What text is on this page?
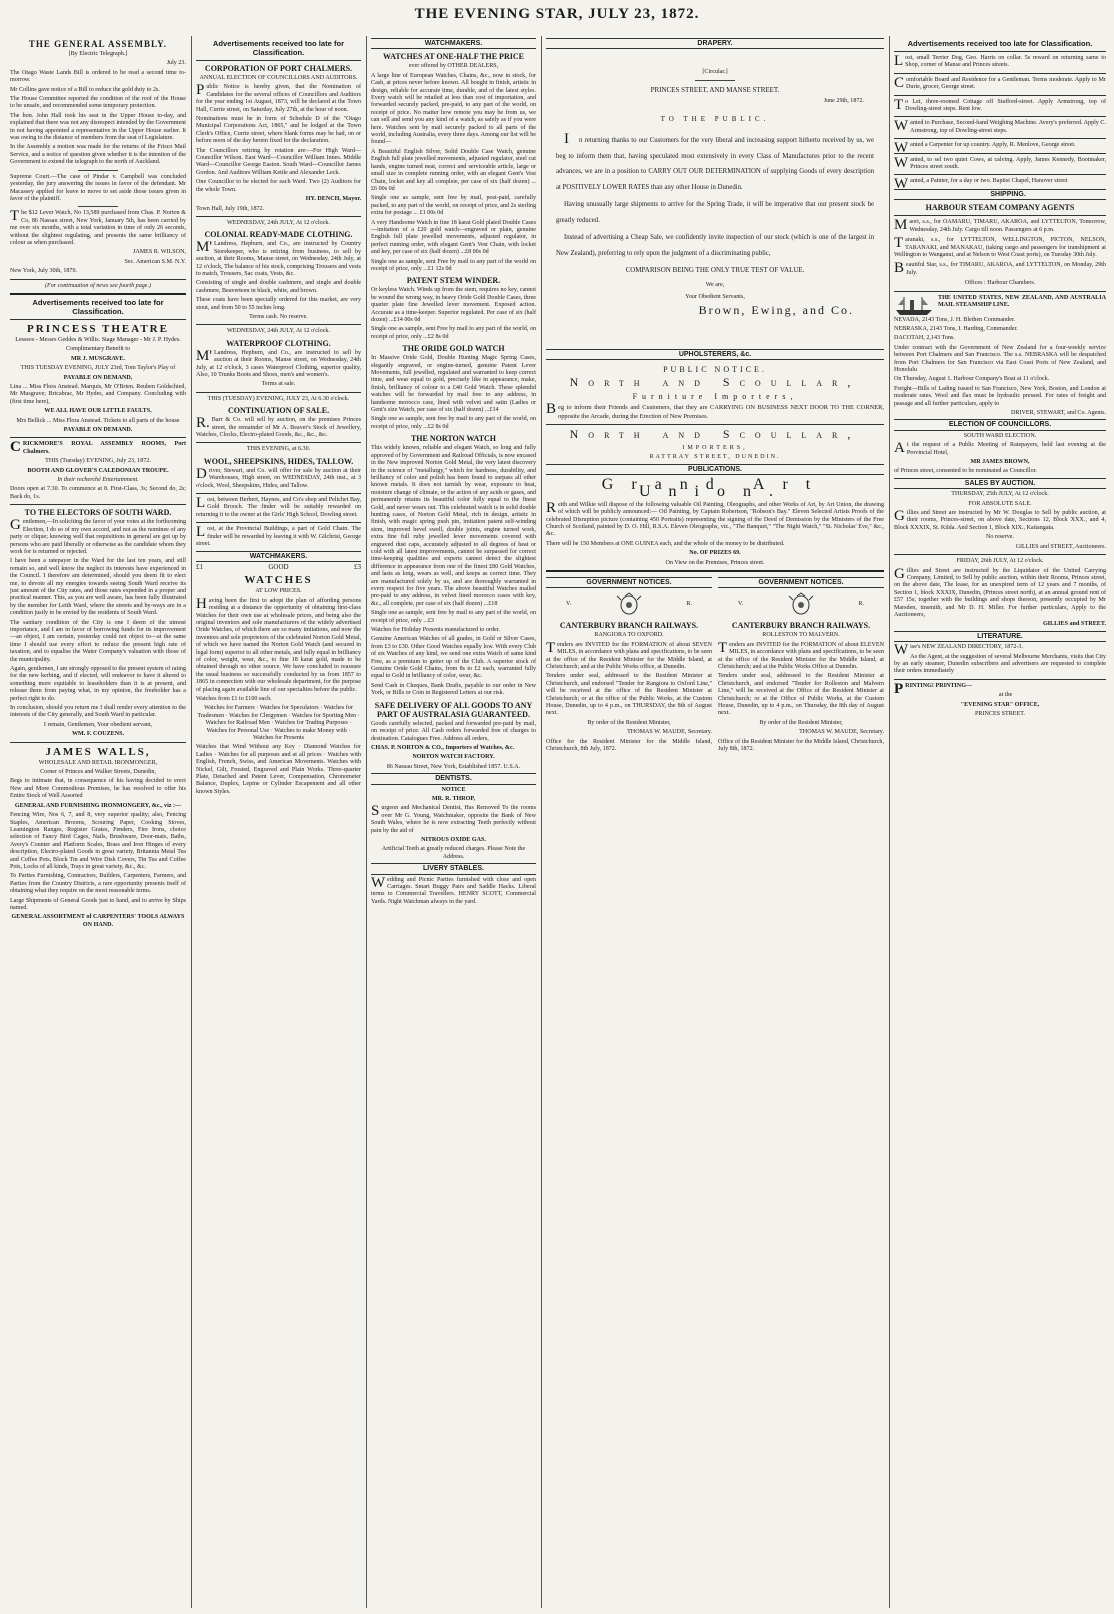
THE EVENING STAR, JULY 23, 1872.
THE GENERAL ASSEMBLY.

[By Electric Telegraph.]

July 23.

The Otago Waste Lands Bill is ordered to be read a second time to-morrow.

Mr Collins gave notice of a Bill to reduce the gold duty to 2s.

The House Committee reported the condition of the roof of the House to be unsafe, and recommended some temporary protection.

The hon. John Hall took his seat in the Upper House to-day, and explained that there was not any disrespect intended by the Government in not having appointed a representative in the Upper House earlier. It was owing to the distance of members from the seat of Legislature.

In the Assembly a motion was made for the returns of the Frisco Mail Service, and a notice of question given whether it is the intention of the Government to extend the telegraph to the north of Auckland.

Supreme Court.—The case of Pindar v. Campbell was concluded yesterday, the jury answering the issues in favor of the defendant. Mr Macassey applied for leave to move to set aside those issues given in favor of the plaintiff.

The $12 Lever Watch, No 13,589 purchased from Chas. P. Norton & Co, 86 Nassau street, New York, January 5th, has been carried by me over six months, with a total variation in time of only 26 seconds, without the slightest regulating, and presents the same brilliancy of colour as when purchased.

JAMES R. WILSON,

Sec. American S.M. N.Y.

New York, July 30th, 1870.

(For continuation of news see fourth page.)

Advertisements received too late for Classification.
PRINCESS THEATRE

Lessees - Messrs Geddes & Willis. Stage Manager - Mr J. P. Hydes.

Complimentary Benefit to

MR J. MUSGRAVE.

THIS TUESDAY EVENING, JULY 23rd, Tom Taylor's Play of

PAYABLE ON DEMAND,

Lina ... Miss Flora Anstead. Marquis, Mr O'Brien. Reuben Goldschied, Mr Musgrave; Bricabrac, Mr Hydes, and Company. Concluding with (first time here),

WE ALL HAVE OUR LITTLE FAULTS.

Mrs Bellick ... Miss Flora Anstead. Tickets to all parts of the house

PAYABLE ON DEMAND.

CRICKMORE'S ROYAL ASSEMBLY ROOMS, Port Chalmers.

THIS (Tuesday) EVENING, July 23, 1872.

BOOTH AND GLOVER'S CALEDONIAN TROUPE.

In their recherché Entertainment.

Doors open at 7.30. To commence at 8. First-Class, 3s; Second do, 2s; Back do, 1s.

TO THE ELECTORS OF SOUTH WARD.

Gentlemen,—In soliciting the favor of your votes at the forthcoming Election, I do so of my own accord, and not as the nominee of any party or clique; knowing well that requisitions in general are got up by persons who are paid liberally or otherwise as the candidate whom they work for is returned or rejected.

I have been a ratepayer in the Ward for the last ten years, and still remain so, and well know the neglect its interests have experienced in the Council. I therefore am determined, should you deem fit to elect me, to devote all my energies towards seeing South Ward receive its just amount of the City rates, and those rates expended in a proper and practical manner. This, as you are well aware, has been fully illustrated by the member for Leith Ward, where the streets and by-ways are in a condition justly to be envied by the residents of South Ward.

The sanitary condition of the City is one I deem of the utmost importance, and I am in favor of borrowing funds for its improvement—an object, I am certain, yesterday could not object to—at the same time I should use every effort to reduce the present high rate of taxation, and to equalise the Water Company's valuation with those of the municipality.

Again, gentlemen, I am strongly opposed to the present system of rating for the new kerbing, and if elected, will endeavor to have it altered to something more equitable to leaseholders than it is at present, and release them from paying what, in my opinion, the freeholder has a perfect right to do.

In conclusion, should you return me I shall render every attention to the interests of the City generally, and South Ward in particular.

I remain, Gentlemen, Your obedient servant,

WM. F. COUZENS.

JAMES WALLS,

WHOLESALE AND RETAIL IRONMONGER,

Corner of Princes and Walker Streets, Dunedin,

Begs to intimate that, in consequence of his having decided to erect New and More Commodious Premises, he has resolved to offer his Entire Stock of Well Assorted

GENERAL AND FURNISHING IRONMONGERY, &c., viz :—

Fencing Wire, Nos 6, 7, and 8, very superior quality; also, Fencing Staples, American Brooms, Scouring Paper, Cooking Stoves, Leamington Ranges, Register Grates, Fenders, Fire Irons, choice selection of Fancy Bird Cages, Nails, Brushware, Door-mats, Baths, Avery's Counter and Platform Scales, Brass and Iron Hinges of every description, Electro-plated Goods in great variety, Britannia Metal Tea and Coffee Pots, Block Tin and Wire Dish Covers, Tin Tea and Coffee Pots, Locks of all kinds, Trays in great variety, &c., &c.

To Parties Furnishing, Contractors, Builders, Carpenters, Farmers, and Parties from the Country Districts, a rare opportunity presents itself of obtaining what they require on the most reasonable terms.

Large Shipments of General Goods just to hand, and to arrive by Ships named.

GENERAL ASSORTMENT of CARPENTERS' TOOLS ALWAYS ON HAND.

Advertisements received too late for Classification.
CORPORATION OF PORT CHALMERS.

ANNUAL ELECTION OF COUNCILLORS AND AUDITORS.

Public Notice is hereby given, that the Nomination of Candidates for the several offices of Councillors and Auditors for the year ending 1st August, 1873, will be declared at the Town Hall, Currie street, on Saturday, July 27th, at the hour of noon.

Nominations must be in form of Schedule D of the "Otago Municipal Corporations Act, 1865," and be lodged at the Town Clerk's Office, Currie street, where blank forms may be had, on or before noon of the day herein fixed for the declaration.

The Councillors retiring by rotation are:—For High Ward—Councillor Wilson. East Ward—Councillor William Innes. Middle Ward—Councillor George Easton. South Ward—Councillor James Gordon. And Auditors William Kettle and Alexander Leck.

One Councillor to be elected for each Ward. Two (2) Auditors for the whole Town.

HY. DENCH, Mayor.

Town Hall, July 19th, 1872.

WEDNESDAY, 24th JULY, At 12 o'clock.

COLONIAL READY-MADE CLOTHING.

M'Landress, Hepburn, and Co., are instructed by Country Storekeeper, who is retiring from business, to sell by auction, at their Rooms, Manse street, on Wednesday, 24th July, at 12 o'clock, The balance of his stock, comprising Trousers and vests to match, Trousers, Sac coats, Vests, &c.

Consisting of single and double cashmere, and single and double cashmere, Beaverteen in black, white, and brown.

These coats have been specially ordered for this market, are very stout, and from 50 to 55 inches long.

Terms cash. No reserve.

WEDNESDAY, 24th JULY, At 12 o'clock.

WATERPROOF CLOTHING.

M'Landress, Hepburn, and Co., are instructed to sell by auction at their Rooms, Manse street, on Wednesday, 24th July, at 12 o'clock, 3 cases Waterproof Clothing, superior quality, Also, 10 Trunks Boots and Shoes, men's and women's.

Terms at sale.

THIS (TUESDAY) EVENING, JULY 23, At 6.30 o'clock.

CONTINUATION OF SALE.

R.Barr & Co. will sell by auction, on the premises Princes street, the remainder of Mr A. Beaver's Stock of Jewellery, Watches, Clocks, Electro-plated Goods, &c., &c., &c.

THIS EVENING, at 6.30.

WOOL, SHEEPSKINS, HIDES, TALLOW.

Driver, Stewart, and Co. will offer for sale by auction at their Warehouses, High street, on WEDNESDAY, 24th inst., at 3 o'clock, Wool, Sheepskins, Hides, and Tallow.

Lost, between Herbert, Haynes, and Co's shop and Pelichet Bay, Gold Brooch. The finder will be suitably rewarded on returning it to the owner at the Girls' High School, Dowling street.

Lost, at the Provincial Buildings, a part of Gold Chain. The finder will be rewarded by leaving it with W. Gilchrist, George street.

WATCHMAKERS.
£1	GOOD	£3
WATCHES

AT LOW PRICES.

Having been the first to adopt the plan of affording persons residing at a distance the opportunity of obtaining first-class Watches for their own use at wholesale prices, and being also the original inventors and sole manufacturers of the widely advertised Oride Watches, of which there are so many imitations, and now the inventors and sole proprietors of the celebrated Norton Gold Metal, of which we have named the Norton Gold Watch (and secured in legal form) superior to all other metals, and fully equal in brilliancy of color, weight, wear, &c., to fine 18 karat gold, made to be obtained through no other source. We have concluded to reassure the usual business so successfully conducted by us from 1857 to 1865 in connection with our wholesale department, for the purpose of placing again available line of our specialties before the public.

Watches from £1 to £100 each.

Watches for Farmers · Watches for Speculators · Watches for Tradesmen · Watches for Clergymen · Watches for Sporting Men · Watches for Railroad Men · Watches for Trading Purposes · Watches for Personal Use · Watches to make Money with · Watches for Presents

Watches that Wind Without any Key · Diamond Watches for Ladies · Watches for all purposes and at all prices · Watches with English, French, Swiss, and American Movements. Watches with Nickel, Gilt, Frosted, Engraved and Plain Works. Three-quarter Plate, Detached and Patent Lever, Compensation, Chronometer Balance, Duplex, Lepine or Cylinder Escapement and all other known Styles.

WATCHMAKERS.
WATCHES AT ONE-HALF THE PRICE

ever offered by OTHER DEALERS,

A large line of European Watches, Chains, &c., now in stock, for Cash, at prices never before known. All bought in finish, artistic in design, reliable for accurate time, durable, and of the latest styles. Every watch will be retailed at less than cost of importation, and forwarded securely packed, pre-paid, to any part of the world, on receipt of price. No matter how remote you may be from us, we can sell and send you any kind of a watch, as safely as if you were here. Watches sent by mail securely packed to all parts of the world, including Australia, every three days. Among our list will be found—

A Beautiful English Silver, Solid Double Case Watch, genuine English full plate jewelled movements, adjusted regulator, steel cut hands, engine turned neat, correct and serviceable article, large or small size in complete running order, with an elegant Gent's Vest Chain, locket and key all complete, per case of six (half dozen) ...£6 00s 0d

Single one as sample, sent free by mail, post-paid, carefully packed, to any part of the world, on receipt of price, and 2s sterling extra for postage ... £1 00s 0d

A very Handsome Watch in fine 18 karat Gold plated Double Cases—imitation of a £20 gold watch—engraved or plain, genuine English full plate jewelled movements, adjusted regulator, in perfect running order, with elegant Gent's Vest Chain, with locket and key, per case of six (half dozen) ...£8 00s 0d

Single one as sample, sent Free by mail to any part of the world on receipt of price, only ...£1 12s 0d

PATENT STEM WINDER.

Or keyless Watch. Winds up from the stem, requires no key, cannot be wound the wrong way, in heavy Oride Gold Double Cases, three quarter plate fine Jewelled lever movement. Exposed action. Accurate as a time-keeper. Superior regulated. Per case of six (half dozen) ...£14 00s 0d

Single one as sample, sent Free by mail to any part of the world, on receipt of price, only ...£2 8s 0d

THE ORIDE GOLD WATCH

In Massive Oride Gold, Double Hunting Magic Spring Cases, elegantly engraved, or engine-turned, genuine Patent Lever Movements, full jewelled, regulated and warranted to keep correct time, and wear equal to gold, precisely like in appearance, make, finish, brilliancy of colour to a £40 Gold Watch. These splendid watches will be forwarded by mail free to any address, in handsome morocco case, lined with velvet and satin (Ladies or Gent's size Watch, per case of six (half dozen) ...£14

Single one as sample, sent free by mail to any part of the world, on receipt of price, only ...£2 8s 0d

THE NORTON WATCH

This widely known, reliable and elegant Watch, so long and fully approved of by Government and Railroad Officials, is now encased in the New improved Norton Gold Metal, the very latest discovery in the science of "metallurgy," which for hardness, durability, and brilliancy of color and polish has been found to surpass all other known metals. It does not tarnish by wear, exposure to heat, moisture change of climate, or the action of any acids or gases, and permanently retains its beautiful color fully equal to the finest Gold, and never wears out. This celebrated watch is in solid double hunting cases, of Norton Gold Metal, rich in design, artistic in finish, with magic spring push pin, imitation patent self-winding stem, improved bevel swell, double joints, engine turned work, extra fine full ruby jewelled lever movements covered with engraved dust caps, accurately adjusted to all degrees of heat or cold with all latest improvements, cannot be surpassed for correct time-keeping qualities and experts cannot detect the slightest difference in appearance from one of the finest £80 Gold Watches, and lasts as long, wears as well, and keeps as correct time. They are manufactured solely by us, and are thoroughly warranted in every respect for five years. The above beautiful Watches mailed pre-paid to any address, in velvet lined morocco cases with key, &c., all complete, per case of six (half dozen) ...£18

Single one as sample, sent free by mail to any part of the world, on receipt of price, only ...£3

Watches for Holiday Presents manufactured to order.

Genuine American Watches of all grades, in Gold or Silver Cases, from £3 to £30. Other Good Watches equally low. With every Club of six Watches of any kind, we send one extra Watch of same kind Free, as a premium to getter up of the Club. A superior stock of Genuine Oride Gold Chains, from 8s to £2 each, warranted fully equal to Gold in brilliancy of color, wear, &c.

Send Cash in Cheques, Bank Drafts, payable to our order in New York, or Bills or Coin in Registered Letters at our risk.

SAFE DELIVERY OF ALL GOODS TO ANY PART OF AUSTRALASIA GUARANTEED.

Goods carefully selected, packed and forwarded pre-paid by mail, on receipt of price. All Cash orders forwarded free of charges to destination. Catalogues Free. Address all orders,

CHAS. P. NORTON & CO., Importers of Watches, &c.

NORTON WATCH FACTORY.

86 Nassau Street, New York, Established 1857. U.S.A.

DENTISTS.

NOTICE

MR. R. THROP,

Surgeon and Mechanical Dentist, Has Removed To the rooms over Mr G. Young, Watchmaker, opposite the Bank of New South Wales, where he is now extracting Teeth perfectly without pain by the aid of

NITROUS OXIDE GAS.

Artificial Teeth at greatly reduced charges. Please Note the Address.

LIVERY STABLES.

Wedding and Picnic Parties furnished with close and open Carriages. Smart Buggy Pairs and Saddle Hacks. Liberal terms to Commercial Travellers. HENRY SCOTT, Commercial Yards. Night Watchman always in the yard.

DRAPERY.

[Circular.]

PRINCES STREET, AND MANSE STREET.

June 29th, 1872.

TO THE PUBLIC.

In returning thanks to our Customers for the very liberal and increasing support hitherto received by us, we beg to inform them that, having speculated most extensively in every Class of Manufactures prior to the recent advances, we are in a position to CARRY OUT OUR DETERMINATION of supplying Goods of every description at POSITIVELY LOWER RATES than any other House in Dunedin.

Having unusually large shipments to arrive for the Spring Trade, it will be imperative that our present stock be greatly reduced.

Instead of advertising a Cheap Sale, we confidently invite inspection of our stock (which is one of the largest in New Zealand), preferring to rely upon the judgment of a discriminating public,

COMPARISON BEING THE ONLY TRUE TEST OF VALUE.

We are,

Your Obedient Servants,

Brown, Ewing, and Co.

UPHOLSTERERS, &c.
PUBLIC NOTICE.
North and Scoullar,
Furniture Importers,

Beg to inform their Friends and Customers, that they are CARRYING ON BUSINESS NEXT DOOR TO THE CORNER, opposite the Arcade, during the Erection of New Premises.

North and Scoullar,

IMPORTERS,

RATTRAY STREET, DUNEDIN.

PUBLICATIONS.
Grand Art Union.

Reith and Wilkie will dispose of the following valuable Oil Painting, Oleographs, and other Works of Art, by Art Union, the drawing of which will be publicly announced:— Oil Painting, by Captain Robertson, "Robson's Bay." Eleven Selected Artists Proofs of the celebrated Disruption picture (containing 450 Portraits) representing the signing of the Deed of Demission by the Ministers of the Free Church of Scotland, painted by D. O. Hill, R.S.A. Eleven Oleographs, viz., "The Banquet," "The Night Watch," "St. Nicholas' Eve," &c., &c.

There will be 150 Members at ONE GUINEA each, and the whole of the money to be distributed.

No. OF PRIZES 69.

On View on the Premises, Princes street.

GOVERNMENT NOTICES.
V.	R.
CANTERBURY BRANCH RAILWAYS.

RANGIORA TO OXFORD.

Tenders are INVITED for the FORMATION of about SEVEN MILES, in accordance with plans and specifications, to be seen at the office of the Resident Minister for the Middle Island, at Christchurch; and at the Public Works office, at Dunedin.

Tenders under seal, addressed to the Resident Minister at Christchurch, and endorsed "Tender for Rangiora to Oxford Line," will be received at the office of the Resident Minister at Christchurch; or at the office of the Public Works, at the Custom House, Dunedin, up to 4 p.m., on THURSDAY, the 8th of August next.

By order of the Resident Minister,

THOMAS W. MAUDE, Secretary.

Office for the Resident Minister for the Middle Island, Christchurch, 8th July, 1872.

GOVERNMENT NOTICES.
V.	R.
CANTERBURY BRANCH RAILWAYS.

ROLLESTON TO MALVERN.

Tenders are INVITED for the FORMATION of about ELEVEN MILES, in accordance with plans and specifications, to be seen at the office of the Resident Minister for the Middle Island, at Christchurch; and at the Public Works Office at Dunedin.

Tenders under seal, addressed to the Resident Minister at Christchurch, and endorsed "Tender for Rolleston and Malvern Line," will be received at the Office of the Resident Minister at Christchurch; or at the Office of Public Works, at the Custom House, Dunedin, up to 4 p.m., on Thursday, the 8th day of August next.

By order of the Resident Minister,

THOMAS W. MAUDE, Secretary.

Office of the Resident Minister for the Middle Island, Christchurch, July 8th, 1872.

Advertisements received too late for Classification.

Lost, small Terrier Dog, Geo. Harris on collar. 5s reward on returning same to Shop, corner of Manse and Princes streets.

Comfortable Board and Residence for a Gentleman. Terms moderate. Apply to Mr Durie, grocer, George street.

To Let, three-roomed Cottage off Stafford-street. Apply Armstrong, top of Dowling-street steps. Rent low.

Wanted to Purchase, Second-hand Weighing Machine. Avery's preferred. Apply C. Armstrong, top of Dowling-street steps.

Wanted a Carpenter for up country. Apply, R. Menlove, George street.

Wanted, to sel two quiet Cows, at calving. Apply, James Kennedy, Bootmaker, Princes street south.

Wanted, a Painter, for a day or two. Baptist Chapel, Hanover street

SHIPPING.
HARBOUR STEAM COMPANY AGENTS

Maori, s.s., for OAMARU, TIMARU, AKAROA, and LYTTELTON, Tomorrow, Wednesday, 24th July. Cargo till noon. Passengers at 6 p.m.

Taranaki, s.s., for LYTTELTON, WELLINGTON, PICTON, NELSON, TARANAKI, and MANAKAU, (taking cargo and passengers for transhipment at Wellington to Wanganui, and at Nelson to West Coast ports), on Tuesday 30th July.

Beautiful Star, s.s., for TIMARU, AKAROA, and LYTTELTON, on Monday, 29th July.

Offices : Harbour Chambers.

THE UNITED STATES, NEW ZEALAND, AND AUSTRALIA MAIL STEAMSHIP LINE.

NEVADA, 2143 Tons, J. H. Blethen Commander.

NEBRASKA, 2143 Tons, I. Harding, Commander.

DACOTAH, 2,143 Tons.

Under contract with the Government of New Zealand for a four-weekly service between Port Chalmers and San Francisco. The s.s. NEBRASKA will be despatched from Port Chalmers for San Francisco via East Coast Ports of New Zealand, and Honolulu

On Thursday, August 1. Harbour Company's Boat at 11 o'clock.

Freight—Bills of Lading issued to San Francisco, New York, Boston, and London at moderate rates. Wool and flax must be hydraulic pressed. For rates of freight and passage and all further particulars, apply to

DRIVER, STEWART, and Co. Agents.

ELECTION OF COUNCILLORS.

SOUTH WARD ELECTION.

At the request of a Public Meeting of Ratepayers, held last evening at the Provincial Hotel,

MR JAMES BROWN,

of Princes street, consented to be nominated as Councillor.

SALES BY AUCTION.

THURSDAY, 25th JULY, At 12 o'clock.

FOR ABSOLUTE SALE.

Gillies and Street are instructed by Mr W. Douglas to Sell by public auction, at their rooms, Princes-street, on above date, Sections 12, Block XXX., and 4, Block XXXIX, St. Kilda. And Section 1, Block XIX., Kaitangata.

No reserve.

GILLIES and STREET, Auctioneers.

FRIDAY, 26th JULY, At 12 o'clock.

Gillies and Street are instructed by the Liquidator of the United Carrying Company, Limited, to Sell by public auction, within their Rooms, Princes street, on the above date, The lease, for an unexpired term of 12 years and 7 months, of Section 1, block XXXIX, Dunedin, (Princes street north), at an annual ground rent of £57 15s; together with the buildings and shops thereon, presently occupied by Mr Marsden, tinsmith, and Mr D. H. Miller. For further particulars, Apply to the Auctioneers,

GILLIES and STREET.

LITERATURE.

Wise's NEW ZEALAND DIRECTORY, 1872-3.

As the Agent, at the suggestion of several Melbourne Merchants, visits that City by an early steamer, Dunedin subscribers and advertisers are requested to complete their orders immediately

PRINTING! PRINTING—

at the

"EVENING STAR" OFFICE,

PRINCES STREET.
